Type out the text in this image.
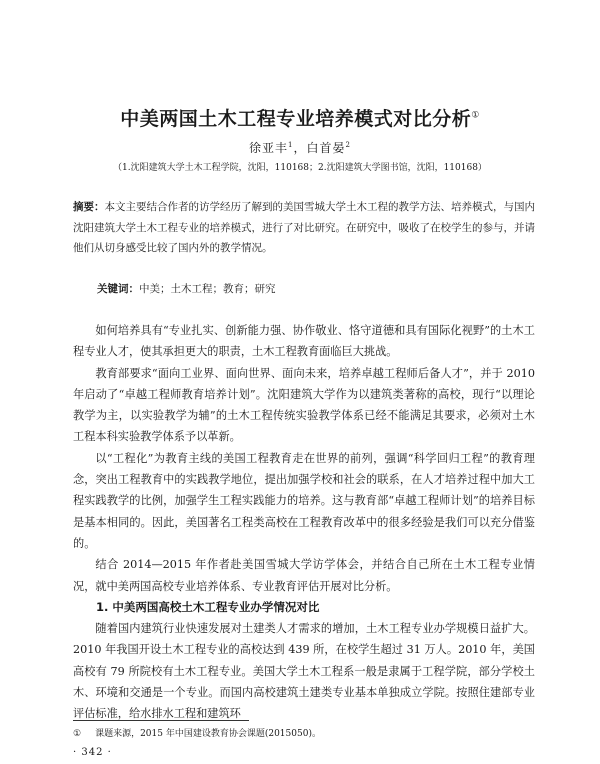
中美两国土木工程专业培养模式对比分析①
徐亚丰$^1$，白首晏$^2$
（1.沈阳建筑大学土木工程学院，沈阳，110168；2.沈阳建筑大学图书馆，沈阳，110168）
摘要：本文主要结合作者的访学经历了解到的美国雪城大学土木工程的教学方法、培养模式，与国内沈阳建筑大学土木工程专业的培养模式，进行了对比研究。在研究中，吸收了在校学生的参与，并请他们从切身感受比较了国内外的教学情况。
关键词：中美；土木工程；教育；研究

如何培养具有“专业扎实、创新能力强、协作敬业、恪守道德和具有国际化视野”的土木工程专业人才，使其承担更大的职责，土木工程教育面临巨大挑战。

教育部要求“面向工业界、面向世界、面向未来，培养卓越工程师后备人才”，并于 2010 年启动了“卓越工程师教育培养计划”。沈阳建筑大学作为以建筑类著称的高校，现行“以理论教学为主，以实验教学为辅”的土木工程传统实验教学体系已经不能满足其要求，必须对土木工程本科实验教学体系予以革新。

以“工程化”为教育主线的美国工程教育走在世界的前列，强调“科学回归工程”的教育理念，突出工程教育中的实践教学地位，提出加强学校和社会的联系，在人才培养过程中加大工程实践教学的比例，加强学生工程实践能力的培养。这与教育部“卓越工程师计划”的培养目标是基本相同的。因此，美国著名工程类高校在工程教育改革中的很多经验是我们可以充分借鉴的。

结合 2014—2015 年作者赴美国雪城大学访学体会，并结合自己所在土木工程专业情况，就中美两国高校专业培养体系、专业教育评估开展对比分析。

1. 中美两国高校土木工程专业办学情况对比

随着国内建筑行业快速发展对土建类人才需求的增加，土木工程专业办学规模日益扩大。2010 年我国开设土木工程专业的高校达到 439 所，在校学生超过 31 万人。2010 年，美国高校有 79 所院校有土木工程专业。美国大学土木工程系一般是隶属于工程学院，部分学校土木、环境和交通是一个专业。而国内高校建筑土建类专业基本单独成立学院。按照住建部专业评估标准，给水排水工程和建筑环

① 课题来源，2015 年中国建设教育协会课题(2015050)。
· 342 ·
